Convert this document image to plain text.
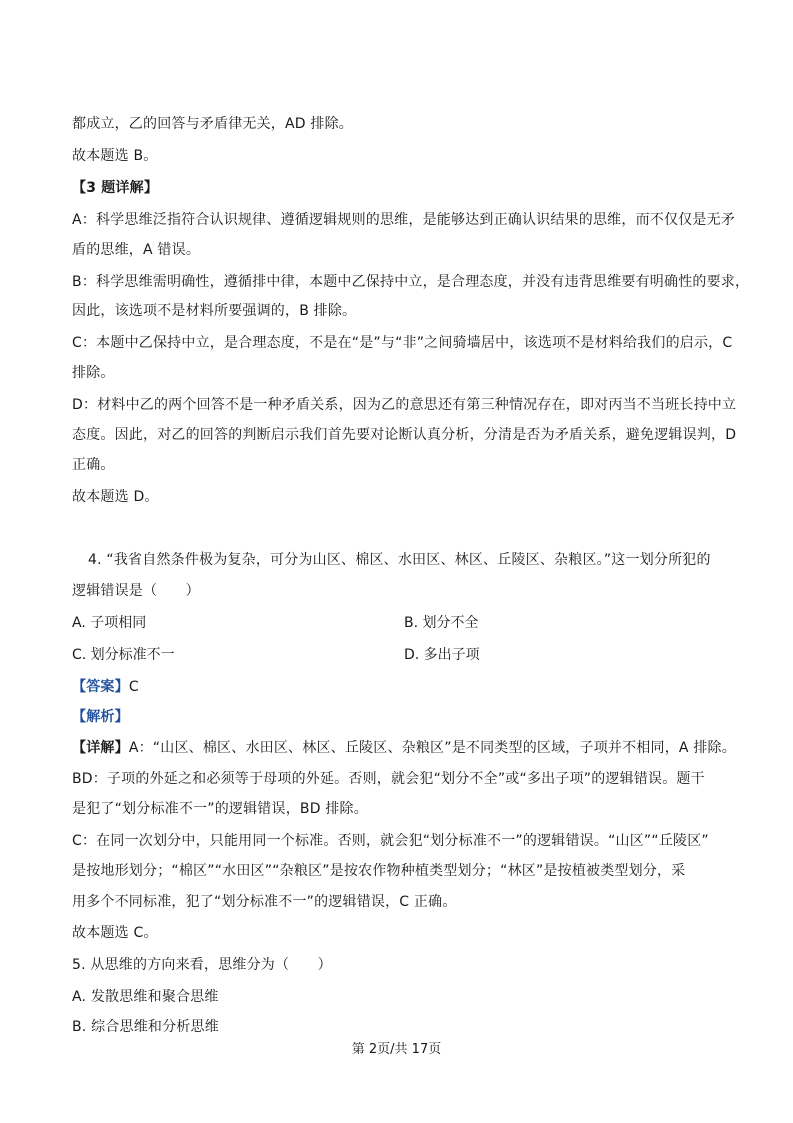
都成立，乙的回答与矛盾律无关，AD 排除。
故本题选 B。
【3 题详解】
A：科学思维泛指符合认识规律、遵循逻辑规则的思维，是能够达到正确认识结果的思维，而不仅仅是无矛
盾的思维，A 错误。
B：科学思维需明确性，遵循排中律，本题中乙保持中立，是合理态度，并没有违背思维要有明确性的要求，
因此，该选项不是材料所要强调的，B 排除。
C：本题中乙保持中立，是合理态度，不是在“是”与“非”之间骑墙居中，该选项不是材料给我们的启示，C
排除。
D：材料中乙的两个回答不是一种矛盾关系，因为乙的意思还有第三种情况存在，即对丙当不当班长持中立
态度。因此，对乙的回答的判断启示我们首先要对论断认真分析，分清是否为矛盾关系，避免逻辑误判，D
正确。
故本题选 D。
4. “我省自然条件极为复杂，可分为山区、棉区、水田区、林区、丘陵区、杂粮区。”这一划分所犯的
逻辑错误是（　　）
A. 子项相同	B. 划分不全
C. 划分标准不一	D. 多出子项
【答案】C
【解析】
【详解】A：“山区、棉区、水田区、林区、丘陵区、杂粮区”是不同类型的区域，子项并不相同，A 排除。
BD：子项的外延之和必须等于母项的外延。否则，就会犯“划分不全”或“多出子项”的逻辑错误。题干
是犯了“划分标准不一”的逻辑错误，BD 排除。
C：在同一次划分中，只能用同一个标准。否则，就会犯“划分标准不一”的逻辑错误。“山区”“丘陵区”
是按地形划分；“棉区”“水田区”“杂粮区”是按农作物种植类型划分；“林区”是按植被类型划分，采
用多个不同标准，犯了“划分标准不一”的逻辑错误，C 正确。
故本题选 C。
5. 从思维的方向来看，思维分为（　　）
A. 发散思维和聚合思维
B. 综合思维和分析思维
第 2页/共 17页
